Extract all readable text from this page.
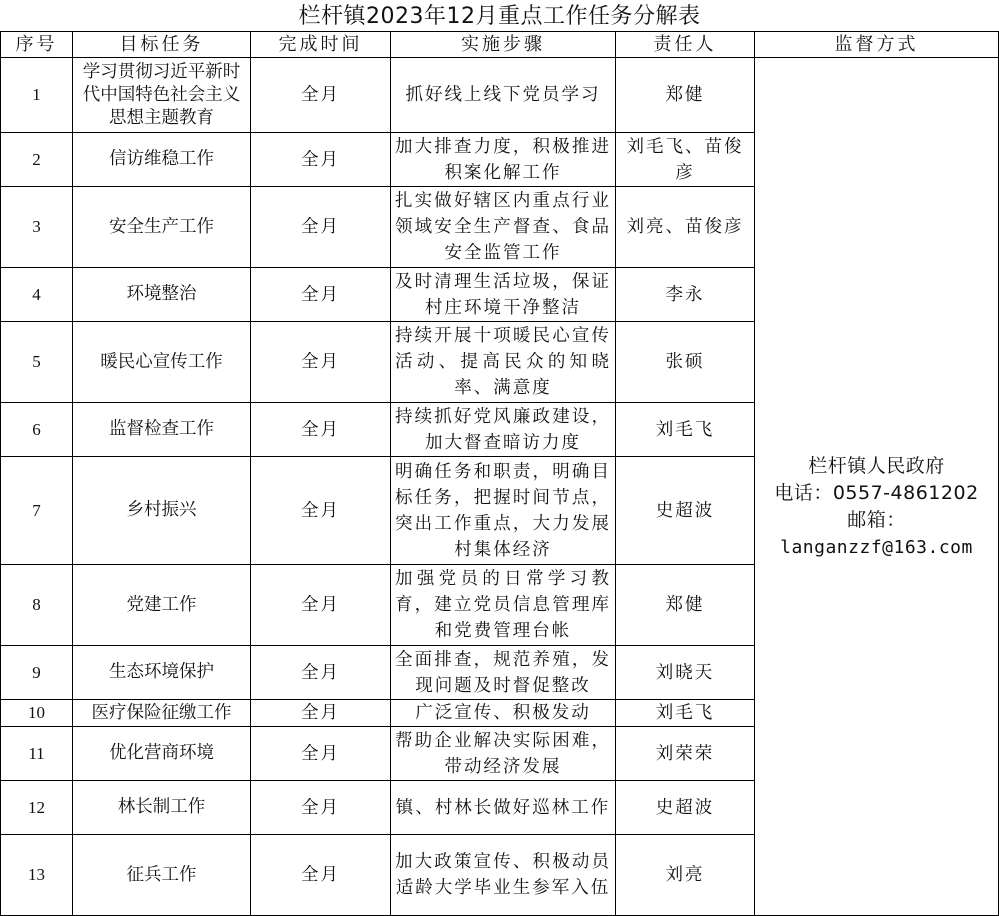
栏杆镇2023年12月重点工作任务分解表
序号	目标任务	完成时间	实施步骤	责任人	监督方式
1	学习贯彻习近平新时代中国特色社会主义思想主题教育	全月	抓好线上线下党员学习	郑健	栏杆镇人民政府
电话：0557-4861202
邮箱：
langanzzf@163.com

2	信访维稳工作	全月	加大排查力度，积极推进积案化解工作	刘毛飞、苗俊彦	
3	安全生产工作	全月	扎实做好辖区内重点行业领域安全生产督查、食品安全监管工作	刘亮、苗俊彦	
4	环境整治	全月	及时清理生活垃圾，保证村庄环境干净整洁	李永	
5	暖民心宣传工作	全月	持续开展十项暖民心宣传活动、提高民众的知晓率、满意度	张硕	
6	监督检查工作	全月	持续抓好党风廉政建设，加大督查暗访力度	刘毛飞	
7	乡村振兴	全月	明确任务和职责，明确目标任务，把握时间节点，突出工作重点，大力发展村集体经济	史超波	
8	党建工作	全月	加强党员的日常学习教育，建立党员信息管理库和党费管理台帐	郑健	
9	生态环境保护	全月	全面排查，规范养殖，发现问题及时督促整改	刘晓天	
10	医疗保险征缴工作	全月	广泛宣传、积极发动	刘毛飞	
11	优化营商环境	全月	帮助企业解决实际困难，带动经济发展	刘荣荣	
12	林长制工作	全月	镇、村林长做好巡林工作	史超波	
13	征兵工作	全月	加大政策宣传、积极动员适龄大学毕业生参军入伍	刘亮	
